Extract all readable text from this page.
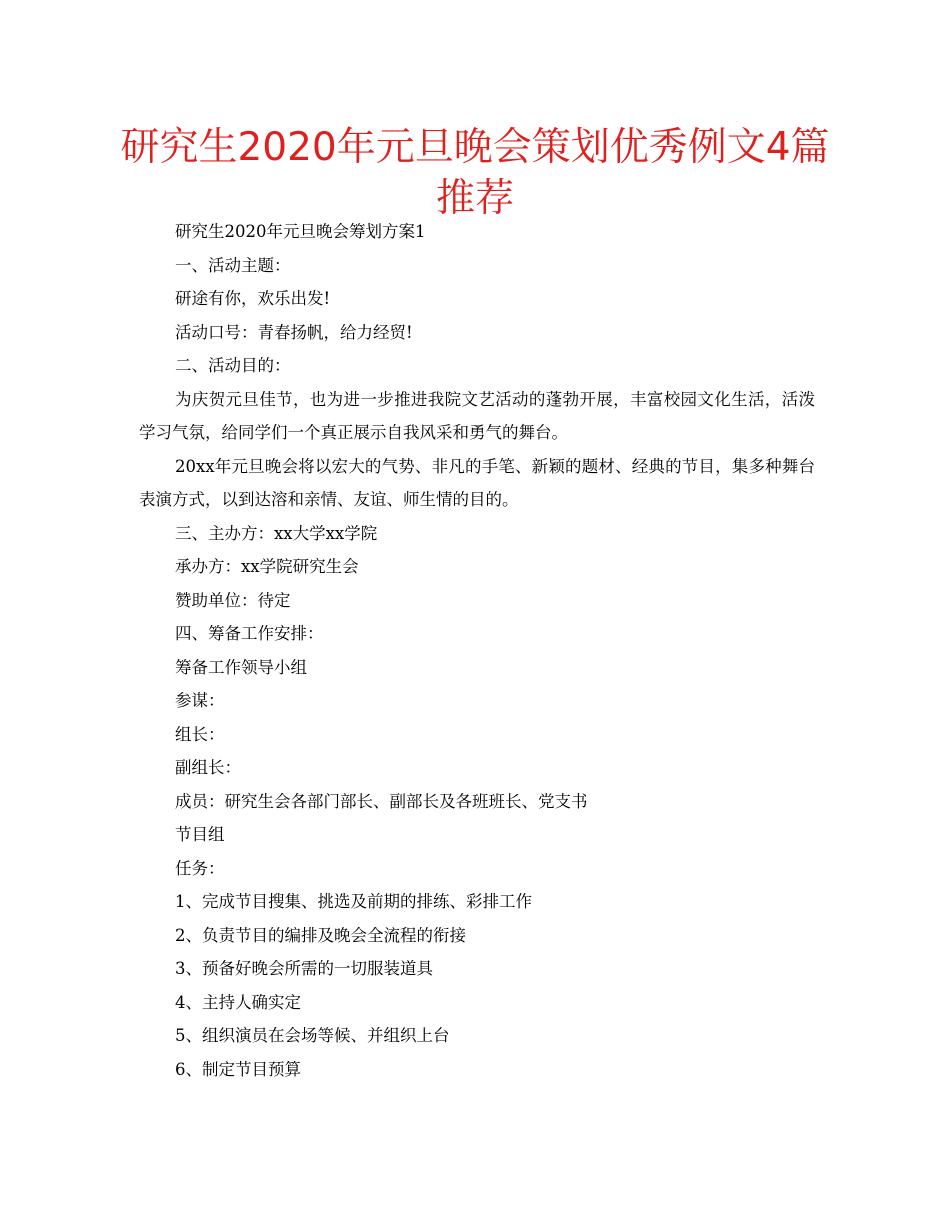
研究生2020年元旦晚会策划优秀例文4篇推荐

研究生2020年元旦晚会筹划方案1

一、活动主题：

研途有你，欢乐出发!

活动口号：青春扬帆，给力经贸!

二、活动目的：

为庆贺元旦佳节，也为进一步推进我院文艺活动的蓬勃开展，丰富校园文化生活，活泼学习气氛，给同学们一个真正展示自我风采和勇气的舞台。

20xx年元旦晚会将以宏大的气势、非凡的手笔、新颖的题材、经典的节目，集多种舞台表演方式，以到达溶和亲情、友谊、师生情的目的。

三、主办方：xx大学xx学院

承办方：xx学院研究生会

赞助单位：待定

四、筹备工作安排：

筹备工作领导小组

参谋：

组长：

副组长：

成员：研究生会各部门部长、副部长及各班班长、党支书

节目组

任务：

1、完成节目搜集、挑选及前期的排练、彩排工作

2、负责节目的编排及晚会全流程的衔接

3、预备好晚会所需的一切服装道具

4、主持人确实定

5、组织演员在会场等候、并组织上台

6、制定节目预算
